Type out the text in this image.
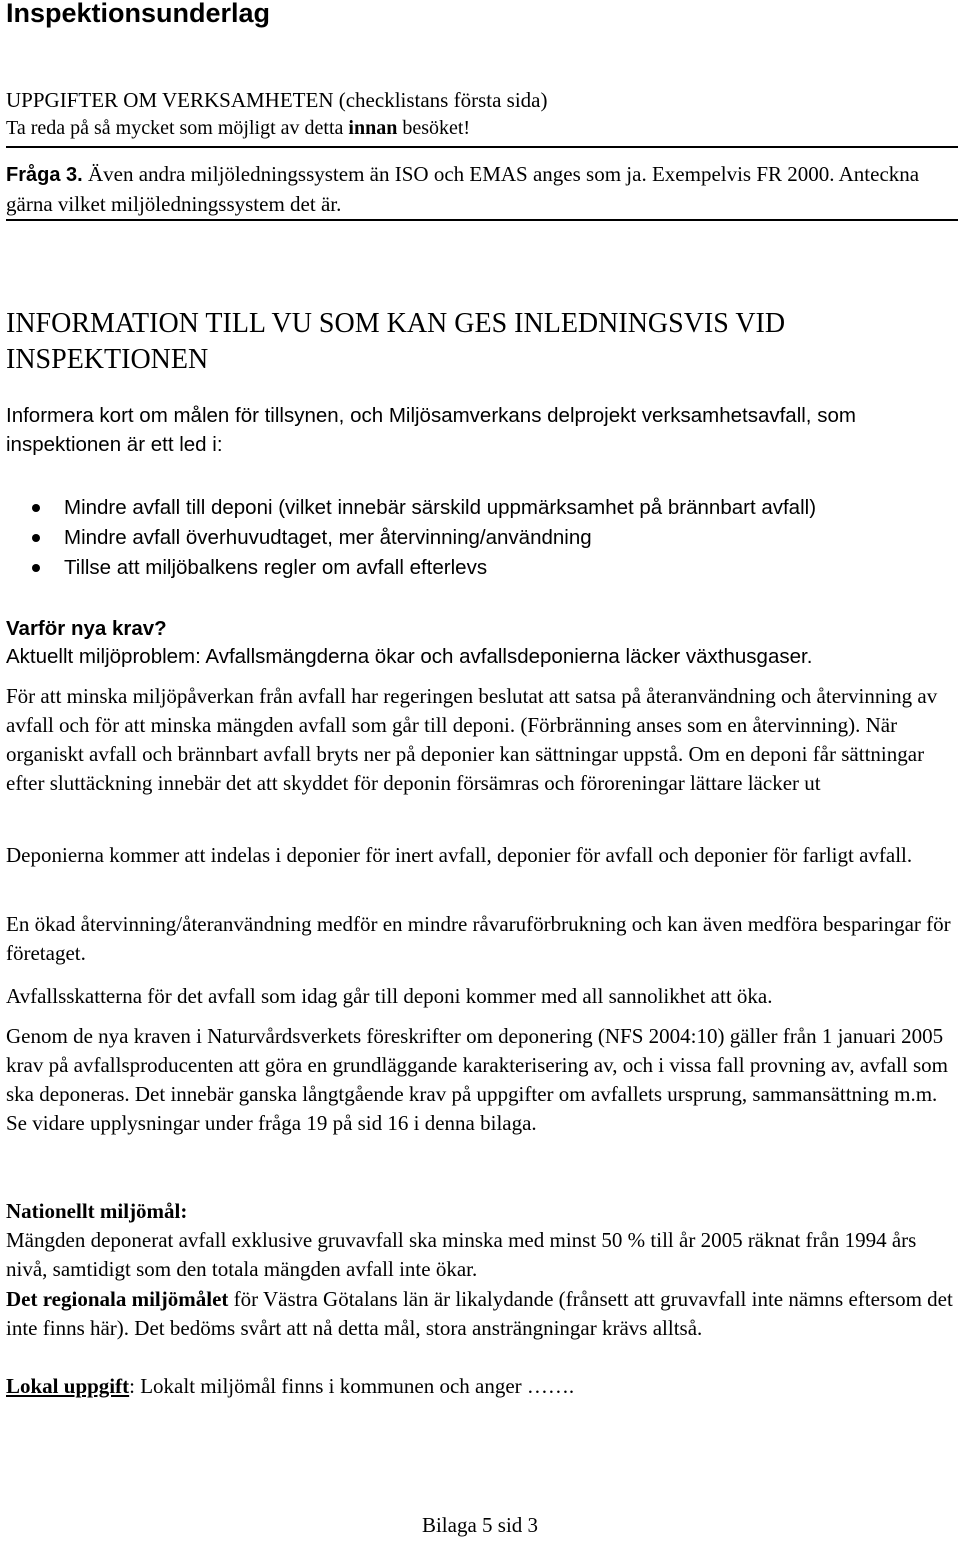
Inspektionsunderlag
UPPGIFTER OM VERKSAMHETEN (checklistans första sida)
Ta reda på så mycket som möjligt av detta innan besöket!
Fråga 3. Även andra miljöledningssystem än ISO och EMAS anges som ja. Exempelvis FR 2000. Anteckna gärna vilket miljöledningssystem det är.
INFORMATION TILL VU SOM KAN GES INLEDNINGSVIS VID INSPEKTIONEN
Informera kort om målen för tillsynen, och Miljösamverkans delprojekt verksamhetsavfall, som inspektionen är ett led i:
Mindre avfall till deponi (vilket innebär särskild uppmärksamhet på brännbart avfall)
Mindre avfall överhuvudtaget, mer återvinning/användning
Tillse att miljöbalkens regler om avfall efterlevs
Varför nya krav?
Aktuellt miljöproblem: Avfallsmängderna ökar och avfallsdeponierna läcker växthusgaser.
För att minska miljöpåverkan från avfall har regeringen beslutat att satsa på återanvändning och återvinning av avfall och för att minska mängden avfall som går till deponi. (Förbränning anses som en återvinning). När organiskt avfall och brännbart avfall bryts ner på deponier kan sättningar uppstå. Om en deponi får sättningar efter sluttäckning innebär det att skyddet för deponin försämras och föroreningar lättare läcker ut
Deponierna kommer att indelas i deponier för inert avfall, deponier för avfall och deponier för farligt avfall.
En ökad återvinning/återanvändning medför en mindre råvaruförbrukning och kan även medföra besparingar för företaget.
Avfallsskatterna för det avfall som idag går till deponi kommer med all sannolikhet att öka.
Genom de nya kraven i Naturvårdsverkets föreskrifter om deponering (NFS 2004:10) gäller från 1 januari 2005 krav på avfallsproducenten att göra en grundläggande karakterisering av, och i vissa fall provning av, avfall som ska deponeras. Det innebär ganska långtgående krav på uppgifter om avfallets ursprung, sammansättning m.m. Se vidare upplysningar under fråga 19 på sid 16 i denna bilaga.
Nationellt miljömål:
Mängden deponerat avfall exklusive gruvavfall ska minska med minst 50 % till år 2005 räknat från 1994 års nivå, samtidigt som den totala mängden avfall inte ökar.
Det regionala miljömålet för Västra Götalans län är likalydande (frånsett att gruvavfall inte nämns eftersom det inte finns här). Det bedöms svårt att nå detta mål, stora ansträngningar krävs alltså.
Lokal uppgift: Lokalt miljömål finns i kommunen och anger …….
Bilaga 5 sid 3
